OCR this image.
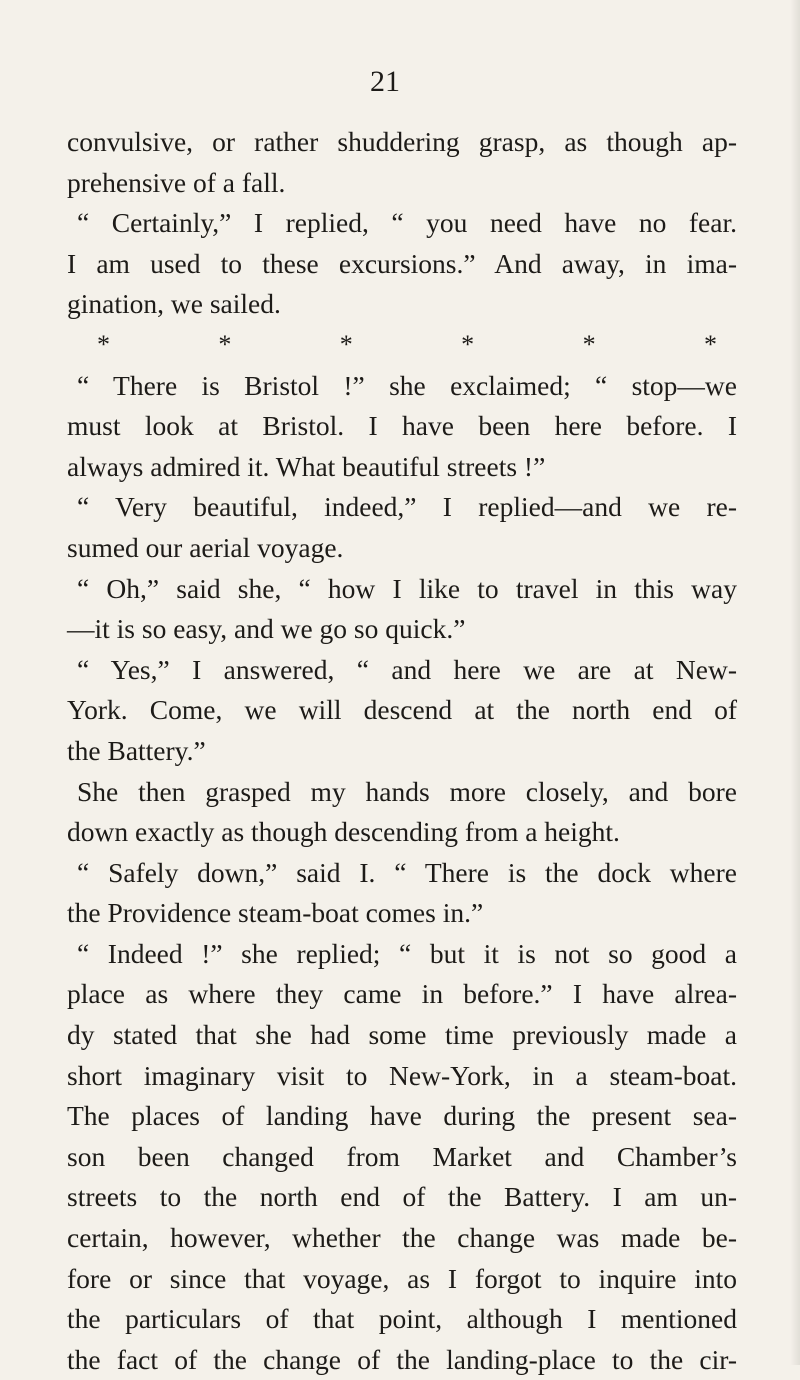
21

convulsive, or rather shuddering grasp, as though ap-

prehensive of a fall.

“ Certainly,” I replied, “ you need have no fear.

I am used to these excursions.” And away, in ima-

gination, we sailed.

*	*	*	*	*	*

“ There is Bristol !” she exclaimed; “ stop—we

must look at Bristol. I have been here before. I

always admired it. What beautiful streets !”

“ Very beautiful, indeed,” I replied—and we re-

sumed our aerial voyage.

“ Oh,” said she, “ how I like to travel in this way

—it is so easy, and we go so quick.”

“ Yes,” I answered, “ and here we are at New-

York. Come, we will descend at the north end of

the Battery.”

She then grasped my hands more closely, and bore

down exactly as though descending from a height.

“ Safely down,” said I. “ There is the dock where

the Providence steam-boat comes in.”

“ Indeed !” she replied; “ but it is not so good a

place as where they came in before.” I have alrea-

dy stated that she had some time previously made a

short imaginary visit to New-York, in a steam-boat.

The places of landing have during the present sea-

son been changed from Market and Chamber’s

streets to the north end of the Battery. I am un-

certain, however, whether the change was made be-

fore or since that voyage, as I forgot to inquire into

the particulars of that point, although I mentioned

the fact of the change of the landing-place to the cir-
